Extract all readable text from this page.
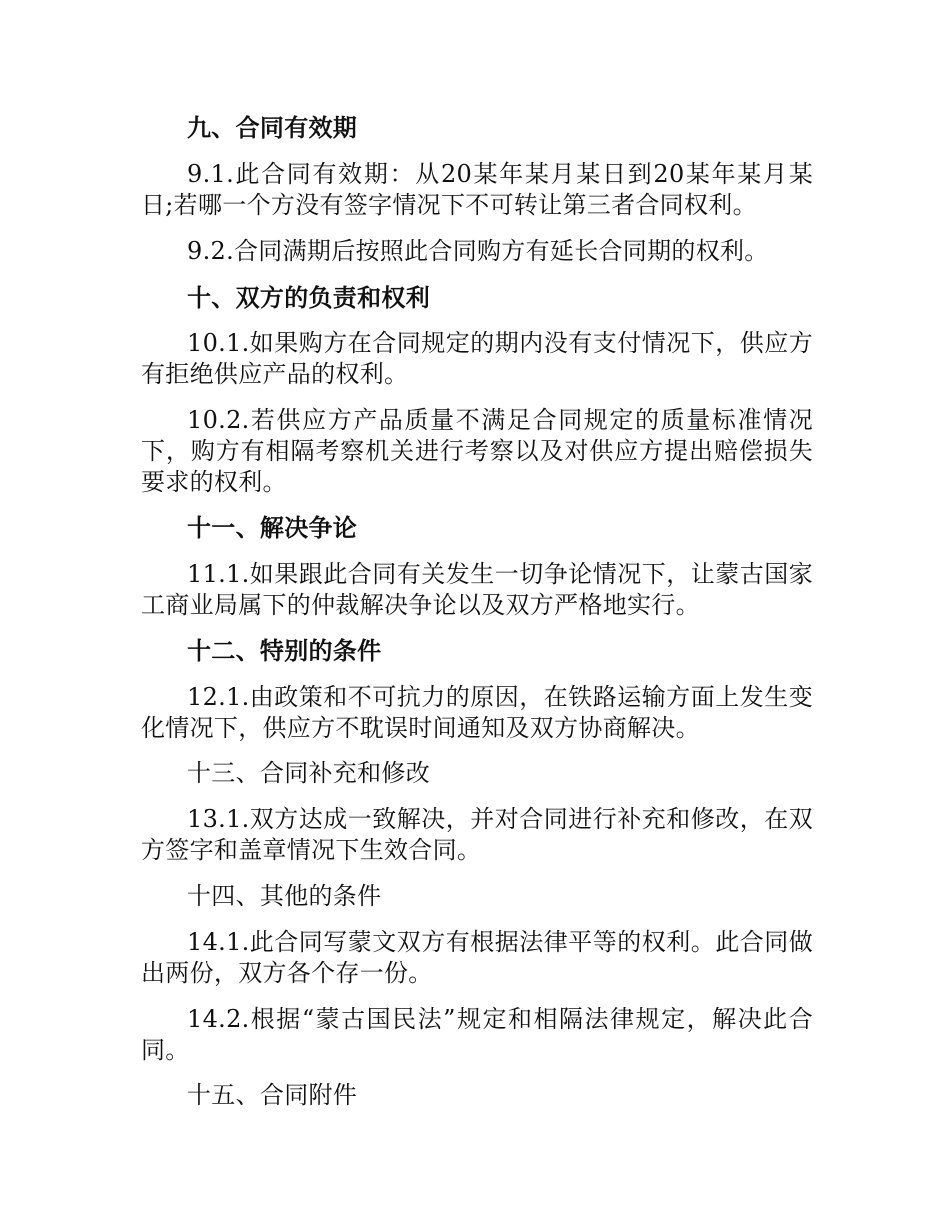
九、合同有效期

9.1.此合同有效期：从20某年某月某日到20某年某月某日;若哪一个方没有签字情况下不可转让第三者合同权利。

9.2.合同满期后按照此合同购方有延长合同期的权利。

十、双方的负责和权利

10.1.如果购方在合同规定的期内没有支付情况下，供应方有拒绝供应产品的权利。

10.2.若供应方产品质量不满足合同规定的质量标准情况下，购方有相隔考察机关进行考察以及对供应方提出赔偿损失要求的权利。

十一、解决争论

11.1.如果跟此合同有关发生一切争论情况下，让蒙古国家工商业局属下的仲裁解决争论以及双方严格地实行。

十二、特别的条件

12.1.由政策和不可抗力的原因，在铁路运输方面上发生变化情况下，供应方不耽误时间通知及双方协商解决。

十三、合同补充和修改

13.1.双方达成一致解决，并对合同进行补充和修改，在双方签字和盖章情况下生效合同。

十四、其他的条件

14.1.此合同写蒙文双方有根据法律平等的权利。此合同做出两份，双方各个存一份。

14.2.根据“蒙古国民法”规定和相隔法律规定，解决此合同。

十五、合同附件
